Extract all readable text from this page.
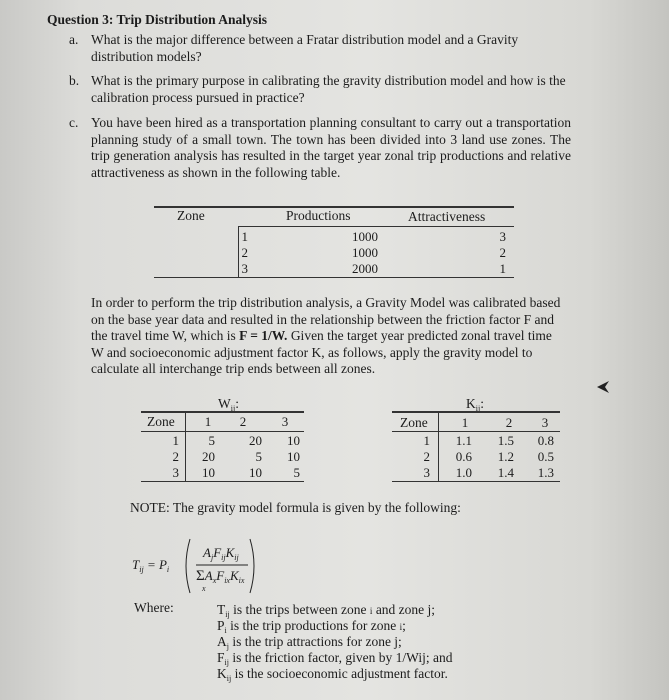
Question 3: Trip Distribution Analysis
a. What is the major difference between a Fratar distribution model and a Gravity distribution models?
b. What is the primary purpose in calibrating the gravity distribution model and how is the calibration process pursued in practice?
c. You have been hired as a transportation planning consultant to carry out a transportation planning study of a small town. The town has been divided into 3 land use zones. The trip generation analysis has resulted in the target year zonal trip productions and relative attractiveness as shown in the following table.
Zone	Productions	Attractiveness
1	1000	3
2	1000	2
3	2000	1
In order to perform the trip distribution analysis, a Gravity Model was calibrated based on the base year data and resulted in the relationship between the friction factor F and the travel time W, which is F = 1/W. Given the target year predicted zonal travel time W and socioeconomic adjustment factor K, as follows, apply the gravity model to calculate all interchange trip ends between all zones.
$W_{ij}$:
Zone	1	2	3
1	5	20	10
2	20	5	10
3	10	10	5
$K_{ij}$:
Zone	1	2	3
1	1.1	1.5	0.8
2	0.6	1.2	0.5
3	1.0	1.4	1.3
NOTE: The gravity model formula is given by the following:
$T_{ij} = P_i$
$A_jF_{ij}K_{ij}$
$\Sigma A_xF_{ix}K_{ix}$
x
Where:	$T_{ij}$ is the trips between zone i and zone j;
$P_i$ is the trip productions for zone i;
$A_j$ is the trip attractions for zone j;
$F_{ij}$ is the friction factor, given by 1/Wij; and
$K_{ij}$ is the socioeconomic adjustment factor.
